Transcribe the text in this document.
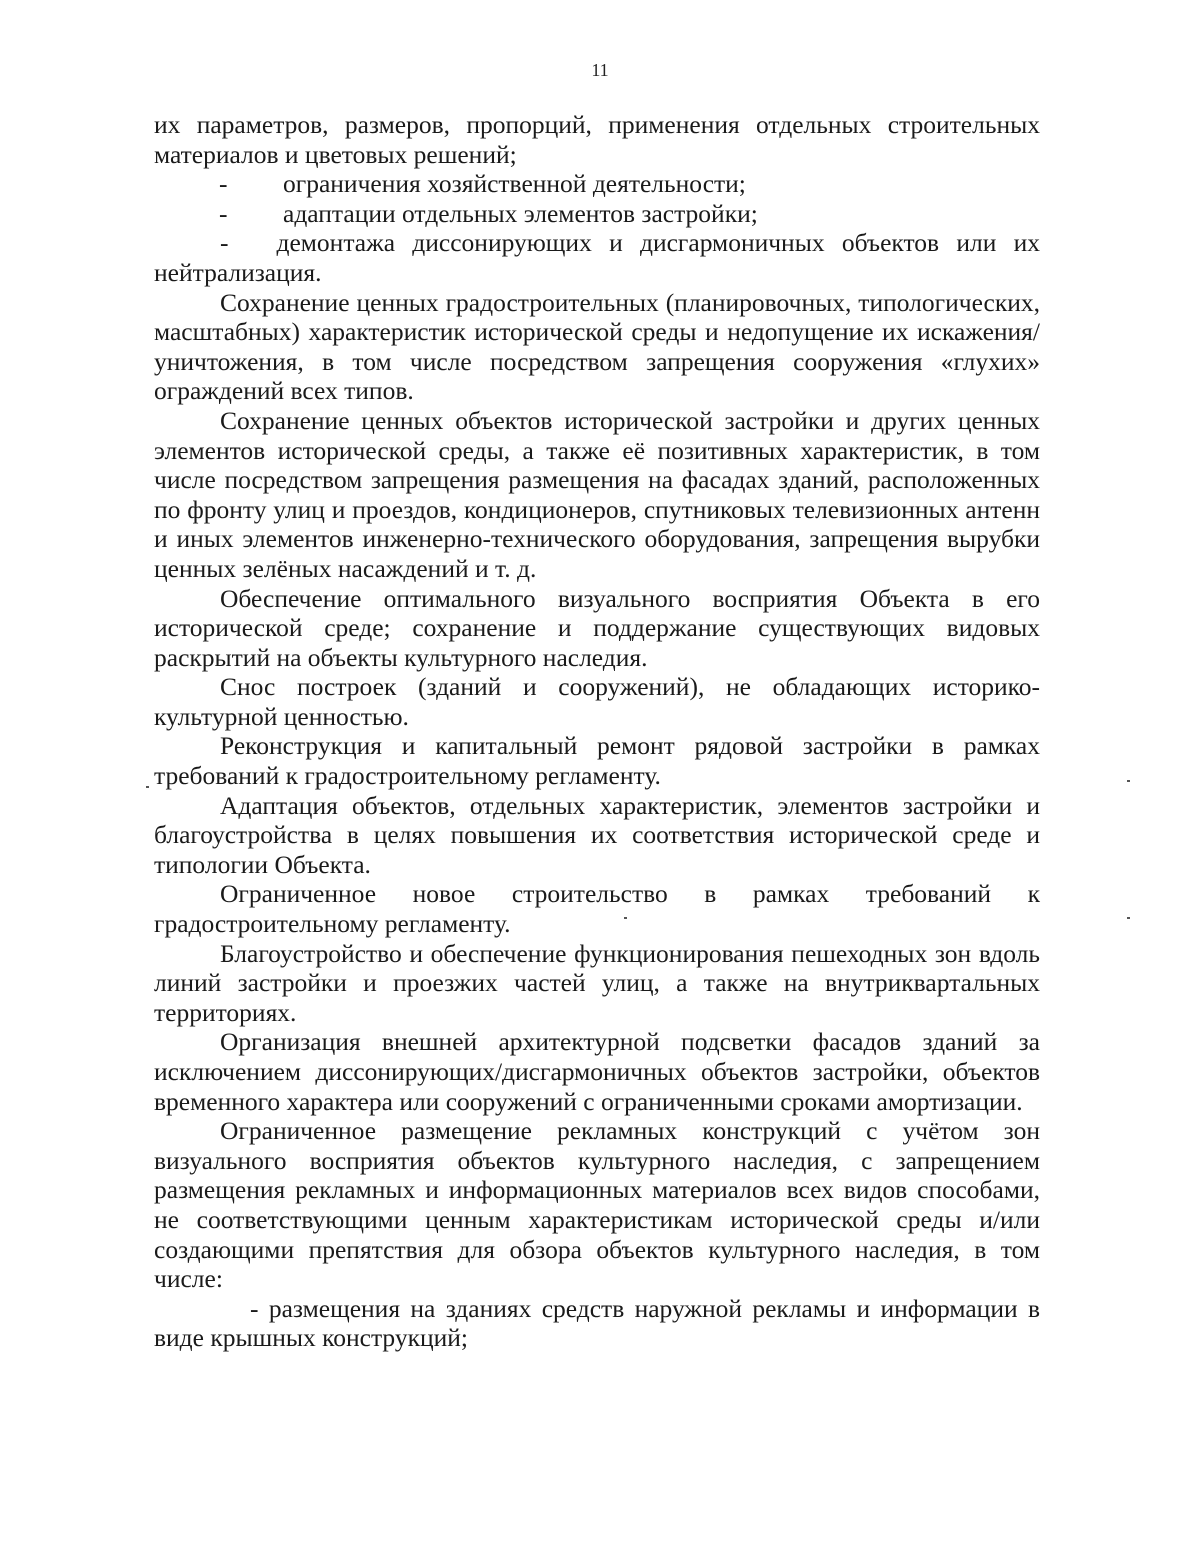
11

их параметров, размеров, пропорций, применения отдельных строительных материалов и цветовых решений;

- ограничения хозяйственной деятельности;

- адаптации отдельных элементов застройки;

- демонтажа диссонирующих и дисгармоничных объектов или их нейтрализация.

Сохранение ценных градостроительных (планировочных, типологических, масштабных) характеристик исторической среды и недопущение их искажения/уничтожения, в том числе посредством запрещения сооружения «глухих» ограждений всех типов.

Сохранение ценных объектов исторической застройки и других ценных элементов исторической среды, а также её позитивных характеристик, в том числе посредством запрещения размещения на фасадах зданий, расположенных по фронту улиц и проездов, кондиционеров, спутниковых телевизионных антенн и иных элементов инженерно-технического оборудования, запрещения вырубки ценных зелёных насаждений и т. д.

Обеспечение оптимального визуального восприятия Объекта в его исторической среде; сохранение и поддержание существующих видовых раскрытий на объекты культурного наследия.

Снос построек (зданий и сооружений), не обладающих историко-культурной ценностью.

Реконструкция и капитальный ремонт рядовой застройки в рамках требований к градостроительному регламенту.

Адаптация объектов, отдельных характеристик, элементов застройки и благоустройства в целях повышения их соответствия исторической среде и типологии Объекта.

Ограниченное новое строительство в рамках требований к градостроительному регламенту.

Благоустройство и обеспечение функционирования пешеходных зон вдоль линий застройки и проезжих частей улиц, а также на внутриквартальных территориях.

Организация внешней архитектурной подсветки фасадов зданий за исключением диссонирующих/дисгармоничных объектов застройки, объектов временного характера или сооружений с ограниченными сроками амортизации.

Ограниченное размещение рекламных конструкций с учётом зон визуального восприятия объектов культурного наследия, с запрещением размещения рекламных и информационных материалов всех видов способами, не соответствующими ценным характеристикам исторической среды и/или создающими препятствия для обзора объектов культурного наследия, в том числе:

- размещения на зданиях средств наружной рекламы и информации в виде крышных конструкций;
